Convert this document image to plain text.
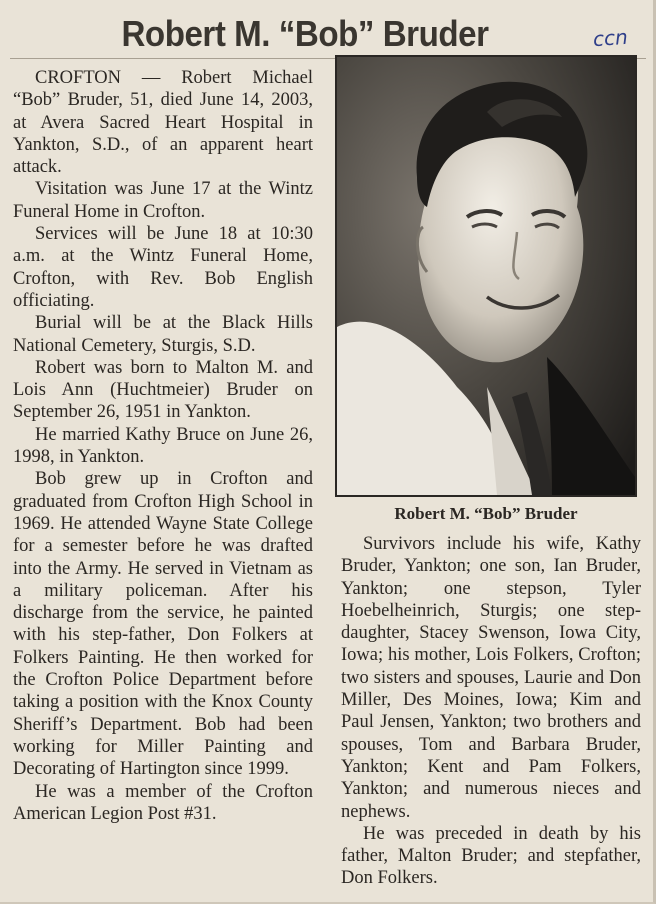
Robert M. “Bob” Bruder	ccn

CROFTON — Robert Michael “Bob” Bruder, 51, died June 14, 2003, at Avera Sacred Heart Hospital in Yankton, S.D., of an apparent heart attack.

Visitation was June 17 at the Wintz Funeral Home in Crofton.

Services will be June 18 at 10:30 a.m. at the Wintz Funeral Home, Crofton, with Rev. Bob English officiating.

Burial will be at the Black Hills National Cemetery, Sturgis, S.D.

Robert was born to Malton M. and Lois Ann (Huchtmeier) Bruder on September 26, 1951 in Yankton.

He married Kathy Bruce on June 26, 1998, in Yankton.

Bob grew up in Crofton and graduated from Crofton High School in 1969. He attended Wayne State College for a semester before he was drafted into the Army. He served in Vietnam as a military policeman. After his discharge from the service, he painted with his step-father, Don Folkers at Folkers Painting. He then worked for the Crofton Police Department before taking a position with the Knox County Sheriff’s Department. Bob had been working for Miller Painting and Decorating of Hartington since 1999.

He was a member of the Crofton American Legion Post #31.

Robert M. “Bob” Bruder

Survivors include his wife, Kathy Bruder, Yankton; one son, Ian Bruder, Yankton; one stepson, Tyler Hoebelheinrich, Sturgis; one step-daughter, Stacey Swenson, Iowa City, Iowa; his mother, Lois Folkers, Crofton; two sisters and spouses, Laurie and Don Miller, Des Moines, Iowa; Kim and Paul Jensen, Yankton; two brothers and spouses, Tom and Barbara Bruder, Yankton; Kent and Pam Folkers, Yankton; and numerous nieces and nephews.

He was preceded in death by his father, Malton Bruder; and stepfather, Don Folkers.
